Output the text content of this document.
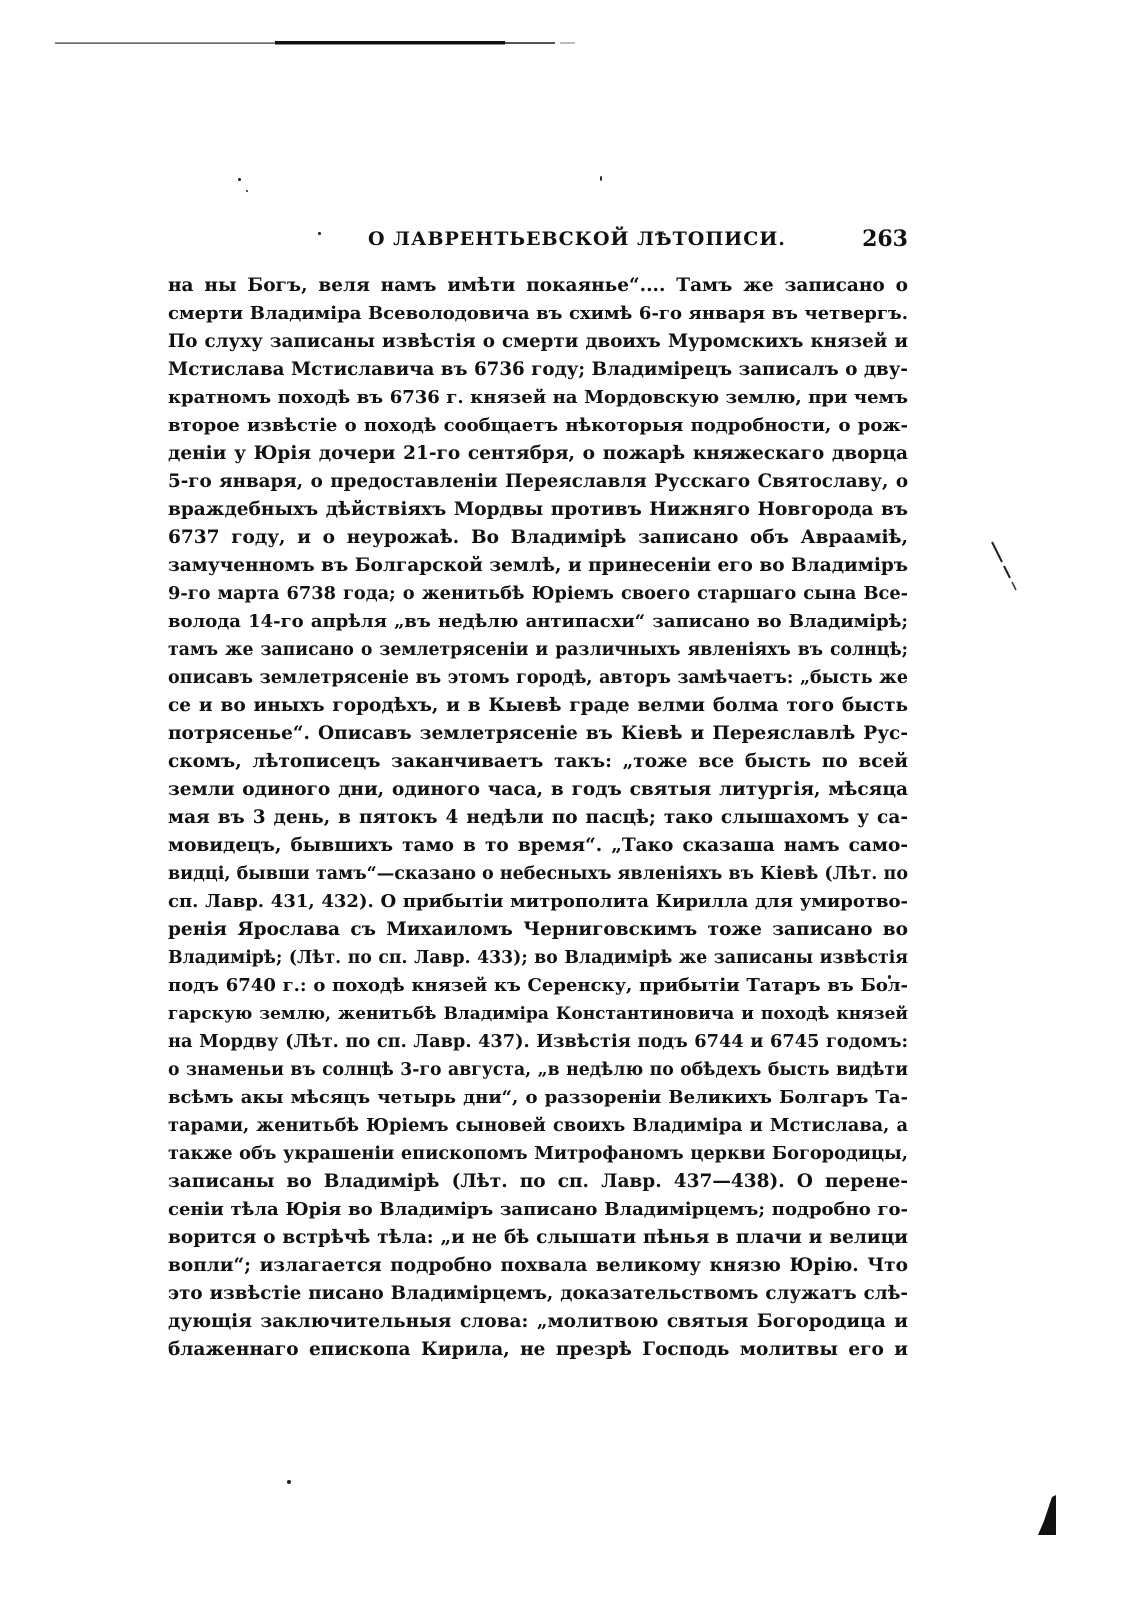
О ЛАВРЕНТЬЕВСКОЙ ЛѢТОПИСИ.	263
на ны Богъ, веля намъ имѣти покаяньe“.... Тамъ же записано о
смерти Владиміра Всеволодовича въ схимѣ 6-го января въ четвергъ.
По слуху записаны извѣстія о смерти двоихъ Муромскихъ князей и
Мстислава Мстиславича въ 6736 году; Владимірецъ записалъ о дву-
кратномъ походѣ въ 6736 г. князей на Мордовскую землю, при чемъ
второе извѣстіе о походѣ сообщаетъ нѣкоторыя подробности, о рож-
деніи у Юрія дочери 21-го сентября, о пожарѣ княжескаго дворца
5-го января, о предоставленіи Переяславля Русскаго Святославу, о
враждебныхъ дѣйствіяхъ Мордвы противъ Нижняго Новгорода въ
6737 году, и о неурожаѣ. Во Владимірѣ записано объ Авраамiѣ,
замученномъ въ Болгарской землѣ, и принесеніи его во Владиміръ
9-го марта 6738 года; о женитьбѣ Юріемъ своего старшаго сына Все-
волода 14-го апрѣля „въ недѣлю антипасхи“ записано во Владимірѣ;
тамъ же записано о землетрясеніи и различныхъ явленіяхъ въ солнцѣ;
описавъ землетрясеніе въ этомъ городѣ, авторъ замѣчаетъ: „бысть же
се и во иныхъ городѣхъ, и в Кыевѣ граде велми болма того бысть
потрясенье“. Описавъ землетрясеніе въ Кіевѣ и Переяславлѣ Рус-
скомъ, лѣтописецъ заканчиваетъ такъ: „тоже все бысть по всей
земли одиного дни, одиного часа, в годъ святыя литургія, мѣсяца
мая въ 3 день, в пятокъ 4 недѣли по пасцѣ; тако слышахомъ у са-
мовидецъ, бывшихъ тамо в то время“. „Тако сказаша намъ само-
видці, бывши тамъ“—сказано о небесныхъ явленіяхъ въ Кіевѣ (Лѣт. по
сп. Лавр. 431, 432). О прибытіи митрополита Кирилла для умиротво-
ренія Ярослава съ Михаиломъ Черниговскимъ тоже записано во
Владимірѣ; (Лѣт. по сп. Лавр. 433); во Владимірѣ же записаны извѣстія
подъ 6740 г.: о походѣ князей къ Серенску, прибытіи Татаръ въ Бол-
гарскую землю, женитьбѣ Владиміра Константиновича и походѣ князей
на Мордву (Лѣт. по сп. Лавр. 437). Извѣстія подъ 6744 и 6745 годомъ:
о знаменьи въ солнцѣ 3-го августа, „в недѣлю по обѣдехъ бысть видѣти
всѣмъ акы мѣсяцъ четырь дни“, о раззореніи Великихъ Болгаръ Та-
тарами, женитьбѣ Юріемъ сыновей своихъ Владиміра и Мстислава, а
также объ украшеніи епископомъ Митрофаномъ церкви Богородицы,
записаны во Владимірѣ (Лѣт. по сп. Лавр. 437—438). О перене-
сеніи тѣла Юрія во Владиміръ записано Владимірцемъ; подробно го-
ворится о встрѣчѣ тѣла: „и не бѣ слышати пѣнья в плачи и велици
вопли“; излагается подробно похвала великому князю Юрію. Что
это извѣстіе писано Владимірцемъ, доказательствомъ служатъ слѣ-
дующія заключительныя слова: „молитвою святыя Богородица и
блаженнаго епископа Кирила, не презрѣ Господь молитвы его и
